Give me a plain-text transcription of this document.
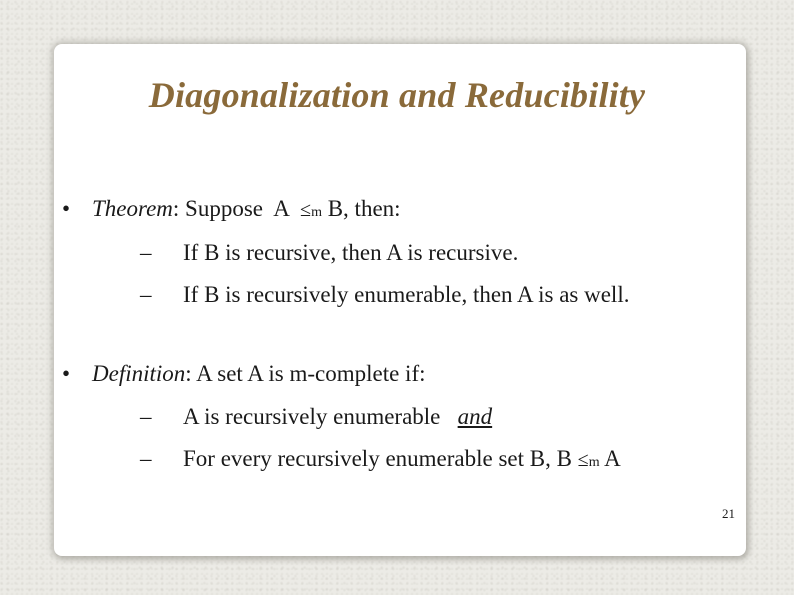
Diagonalization and Reducibility
• Theorem: Suppose  A  ≤m B, then:
– If B is recursive, then A is recursive.
– If B is recursively enumerable, then A is as well.
• Definition: A set A is m-complete if:
– A is recursively enumerable   and
– For every recursively enumerable set B, B ≤m A
21
